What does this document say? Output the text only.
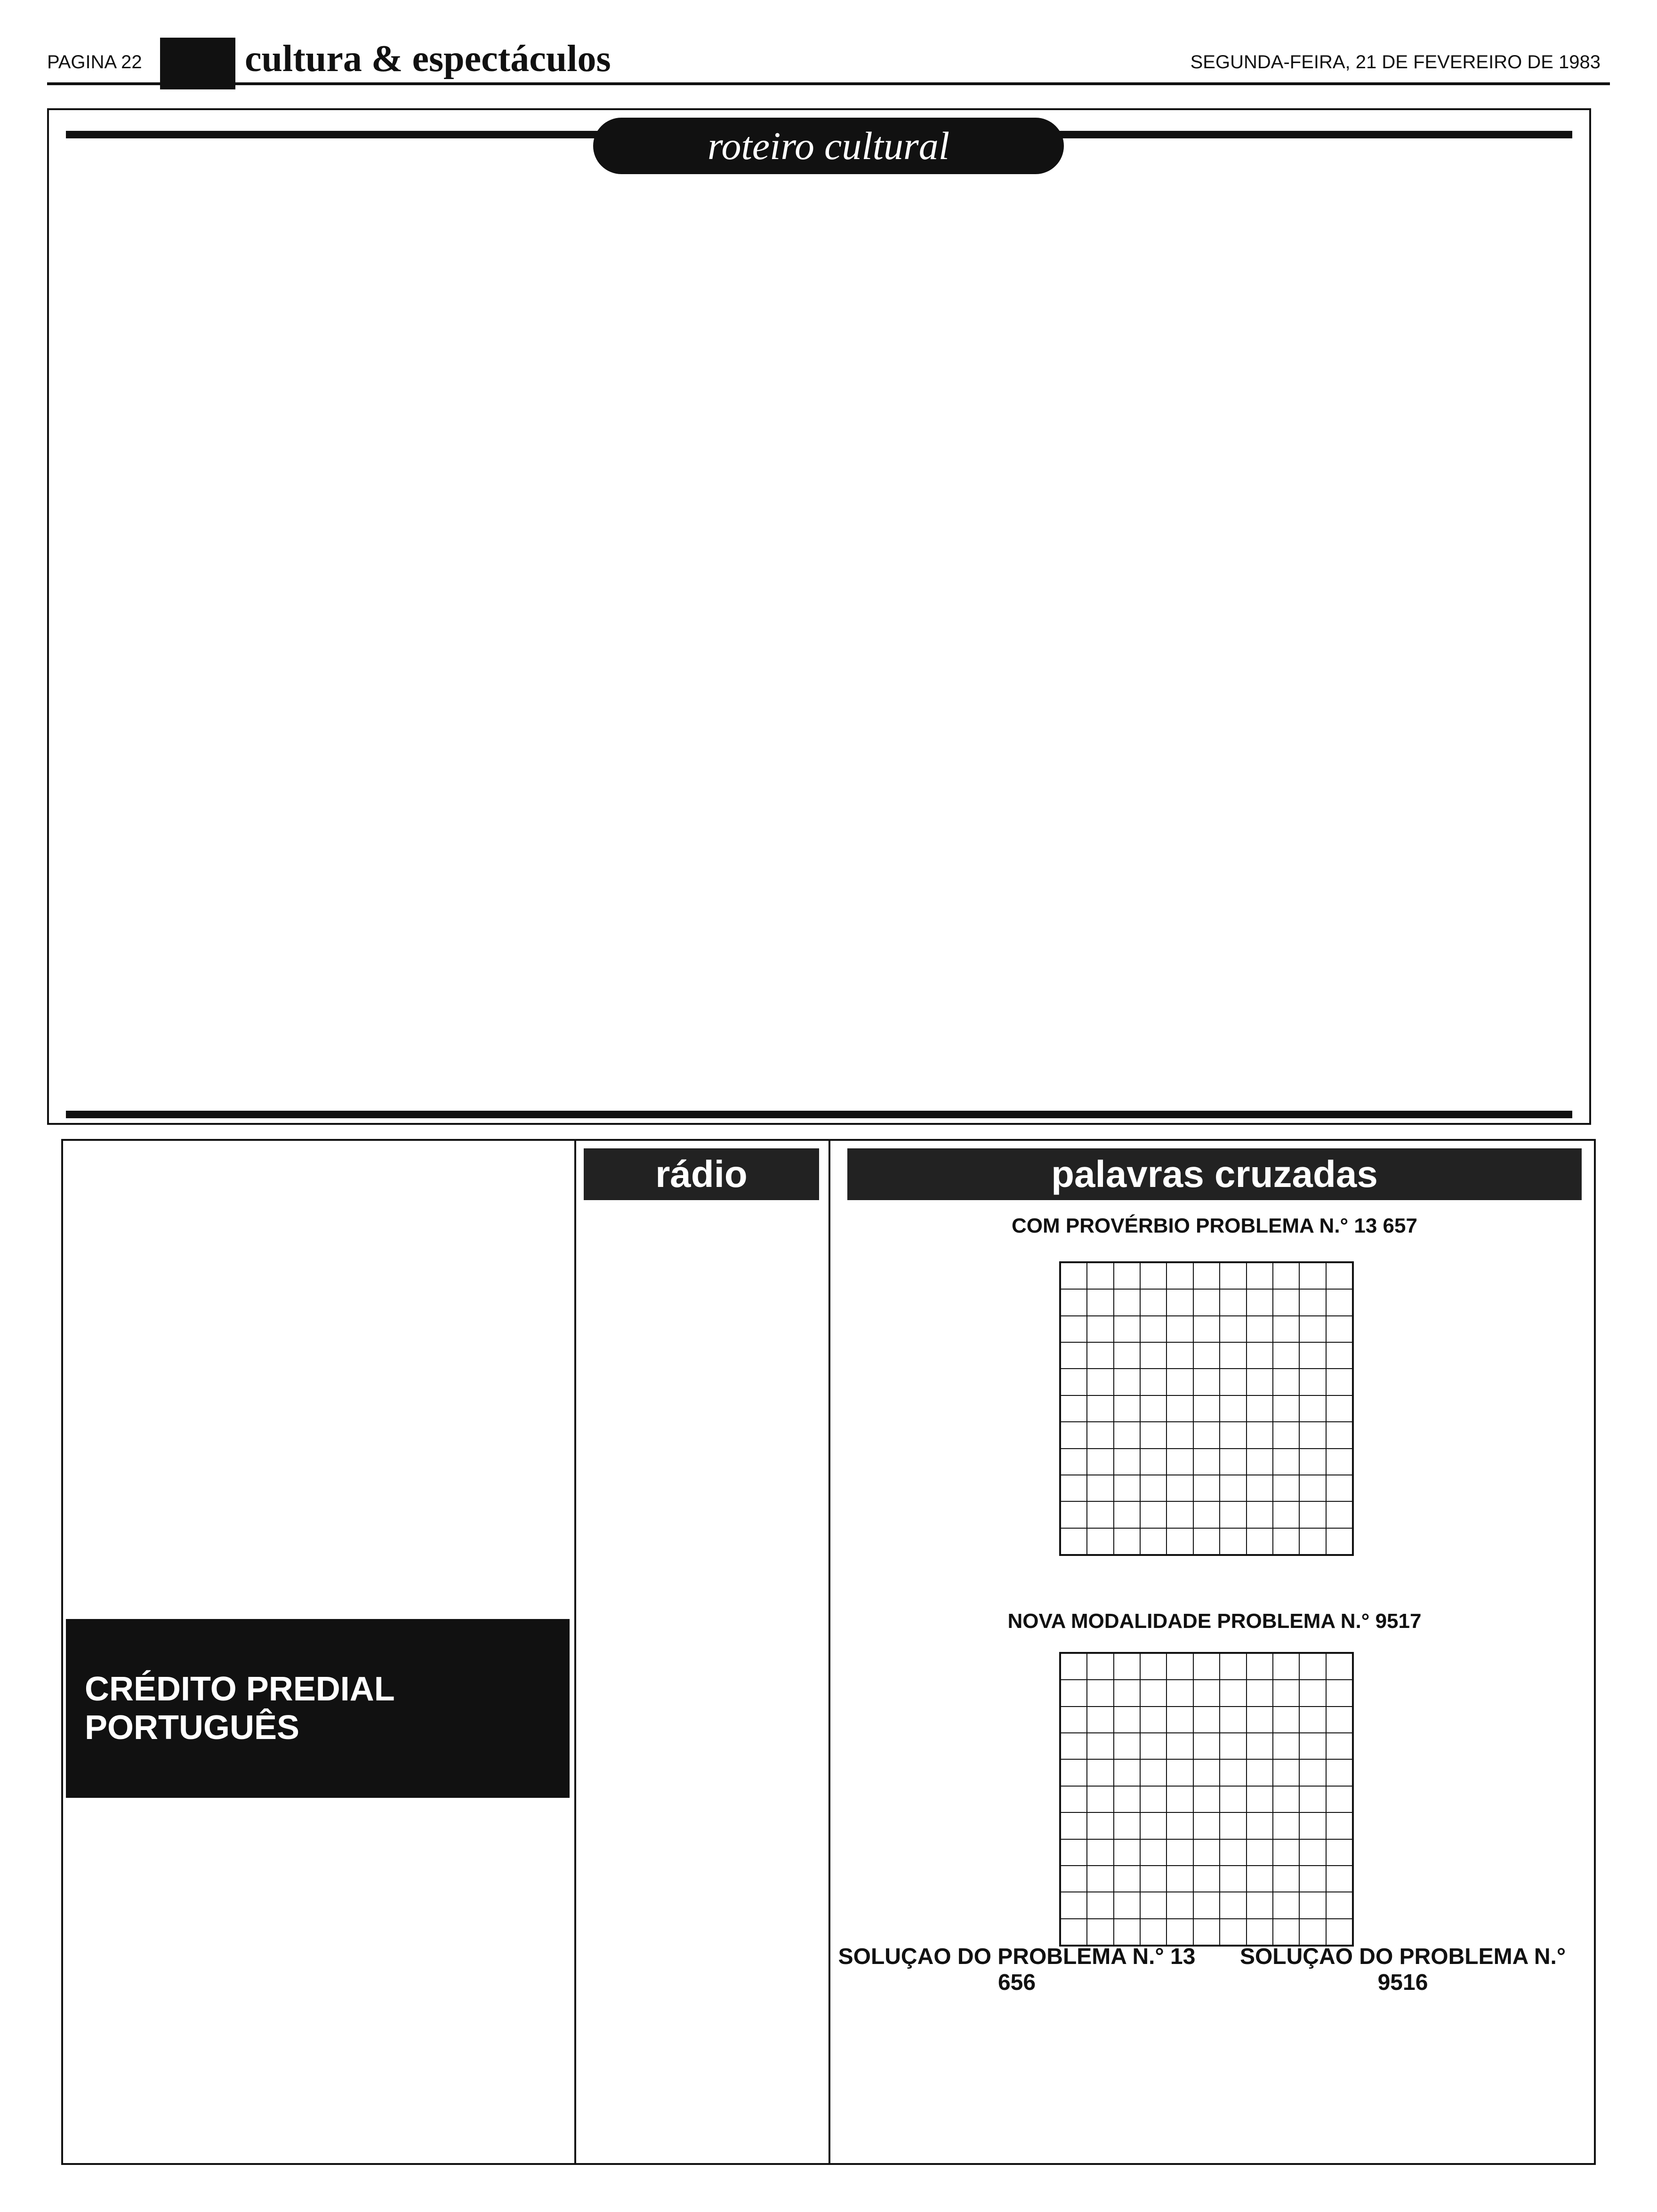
PAGINA 22	cultura & espectáculos	SEGUNDA-FEIRA, 21 DE FEVEREIRO DE 1983
roteiro cultural
rádio	palavras cruzadas
COM PROVÉRBIO PROBLEMA N.° 13 657
NOVA MODALIDADE PROBLEMA N.° 9517
SOLUÇAO DO PROBLEMA N.° 13 656
SOLUÇAO DO PROBLEMA N.° 9516
CRÉDITO PREDIAL PORTUGUÊS
